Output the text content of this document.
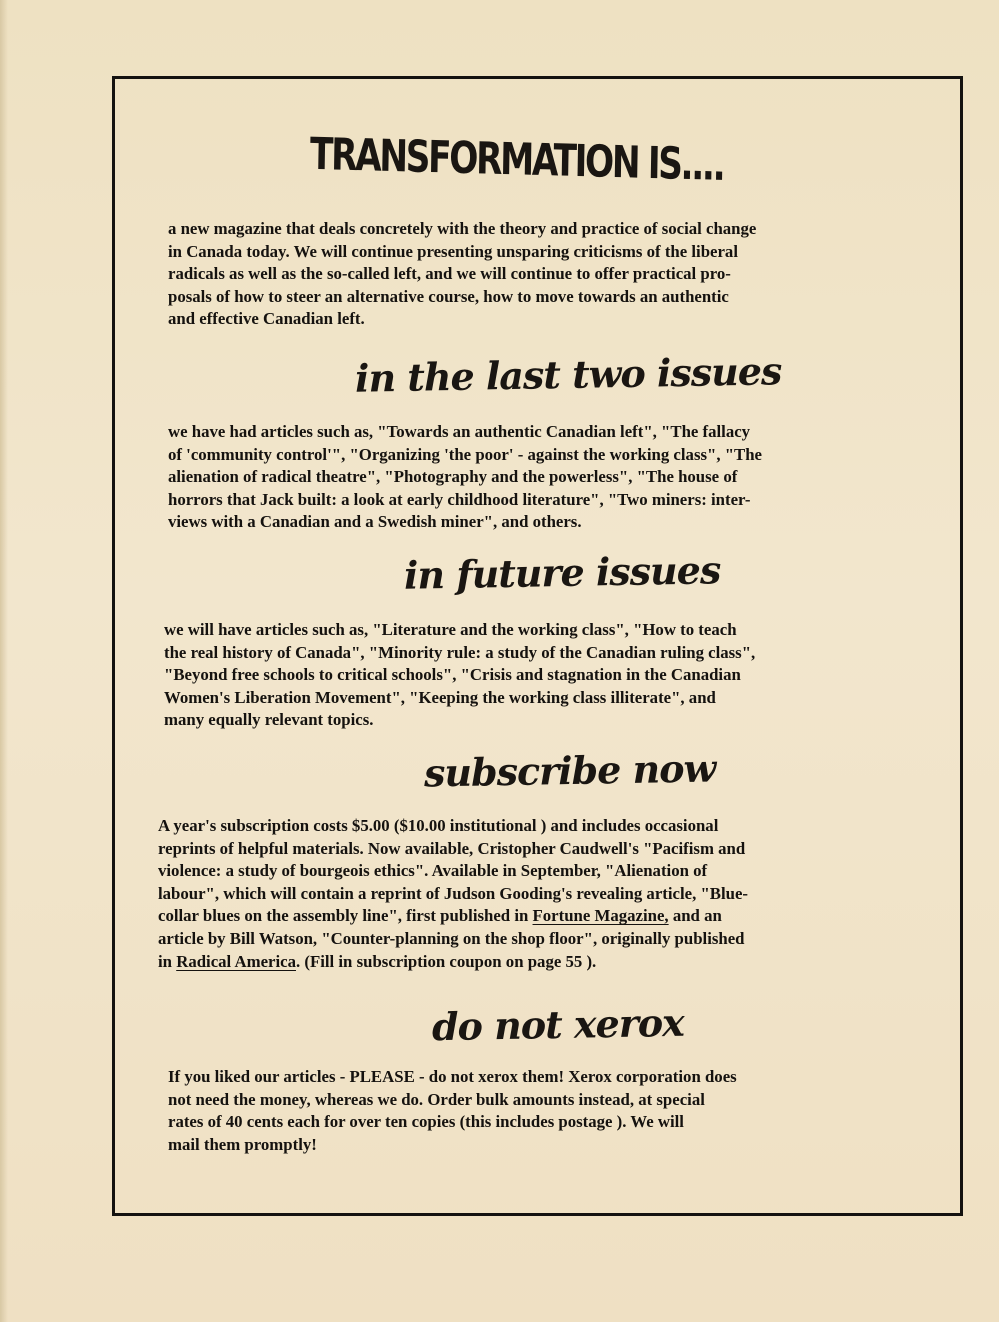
TRANSFORMATION IS....
a new magazine that deals concretely with the theory and practice of social change
in Canada today. We will continue presenting unsparing criticisms of the liberal
radicals as well as the so-called left, and we will continue to offer practical pro-
posals of how to steer an alternative course, how to move towards an authentic
and effective Canadian left.
in the last two issues
we have had articles such as, "Towards an authentic Canadian left", "The fallacy
of 'community control'", "Organizing 'the poor' - against the working class", "The
alienation of radical theatre", "Photography and the powerless", "The house of
horrors that Jack built: a look at early childhood literature", "Two miners: inter-
views with a Canadian and a Swedish miner", and others.
in future issues
we will have articles such as, "Literature and the working class", "How to teach
the real history of Canada", "Minority rule: a study of the Canadian ruling class",
"Beyond free schools to critical schools", "Crisis and stagnation in the Canadian
Women's Liberation Movement", "Keeping the working class illiterate", and
many equally relevant topics.
subscribe now
A year's subscription costs $5.00 ($10.00 institutional ) and includes occasional
reprints of helpful materials. Now available, Cristopher Caudwell's "Pacifism and
violence: a study of bourgeois ethics". Available in September, "Alienation of
labour", which will contain a reprint of Judson Gooding's revealing article, "Blue-
collar blues on the assembly line", first published in Fortune Magazine, and an
article by Bill Watson, "Counter-planning on the shop floor", originally published
in Radical America. (Fill in subscription coupon on page 55 ).
do not xerox
If you liked our articles - PLEASE - do not xerox them! Xerox corporation does
not need the money, whereas we do. Order bulk amounts instead, at special
rates of 40 cents each for over ten copies (this includes postage ). We will
mail them promptly!
